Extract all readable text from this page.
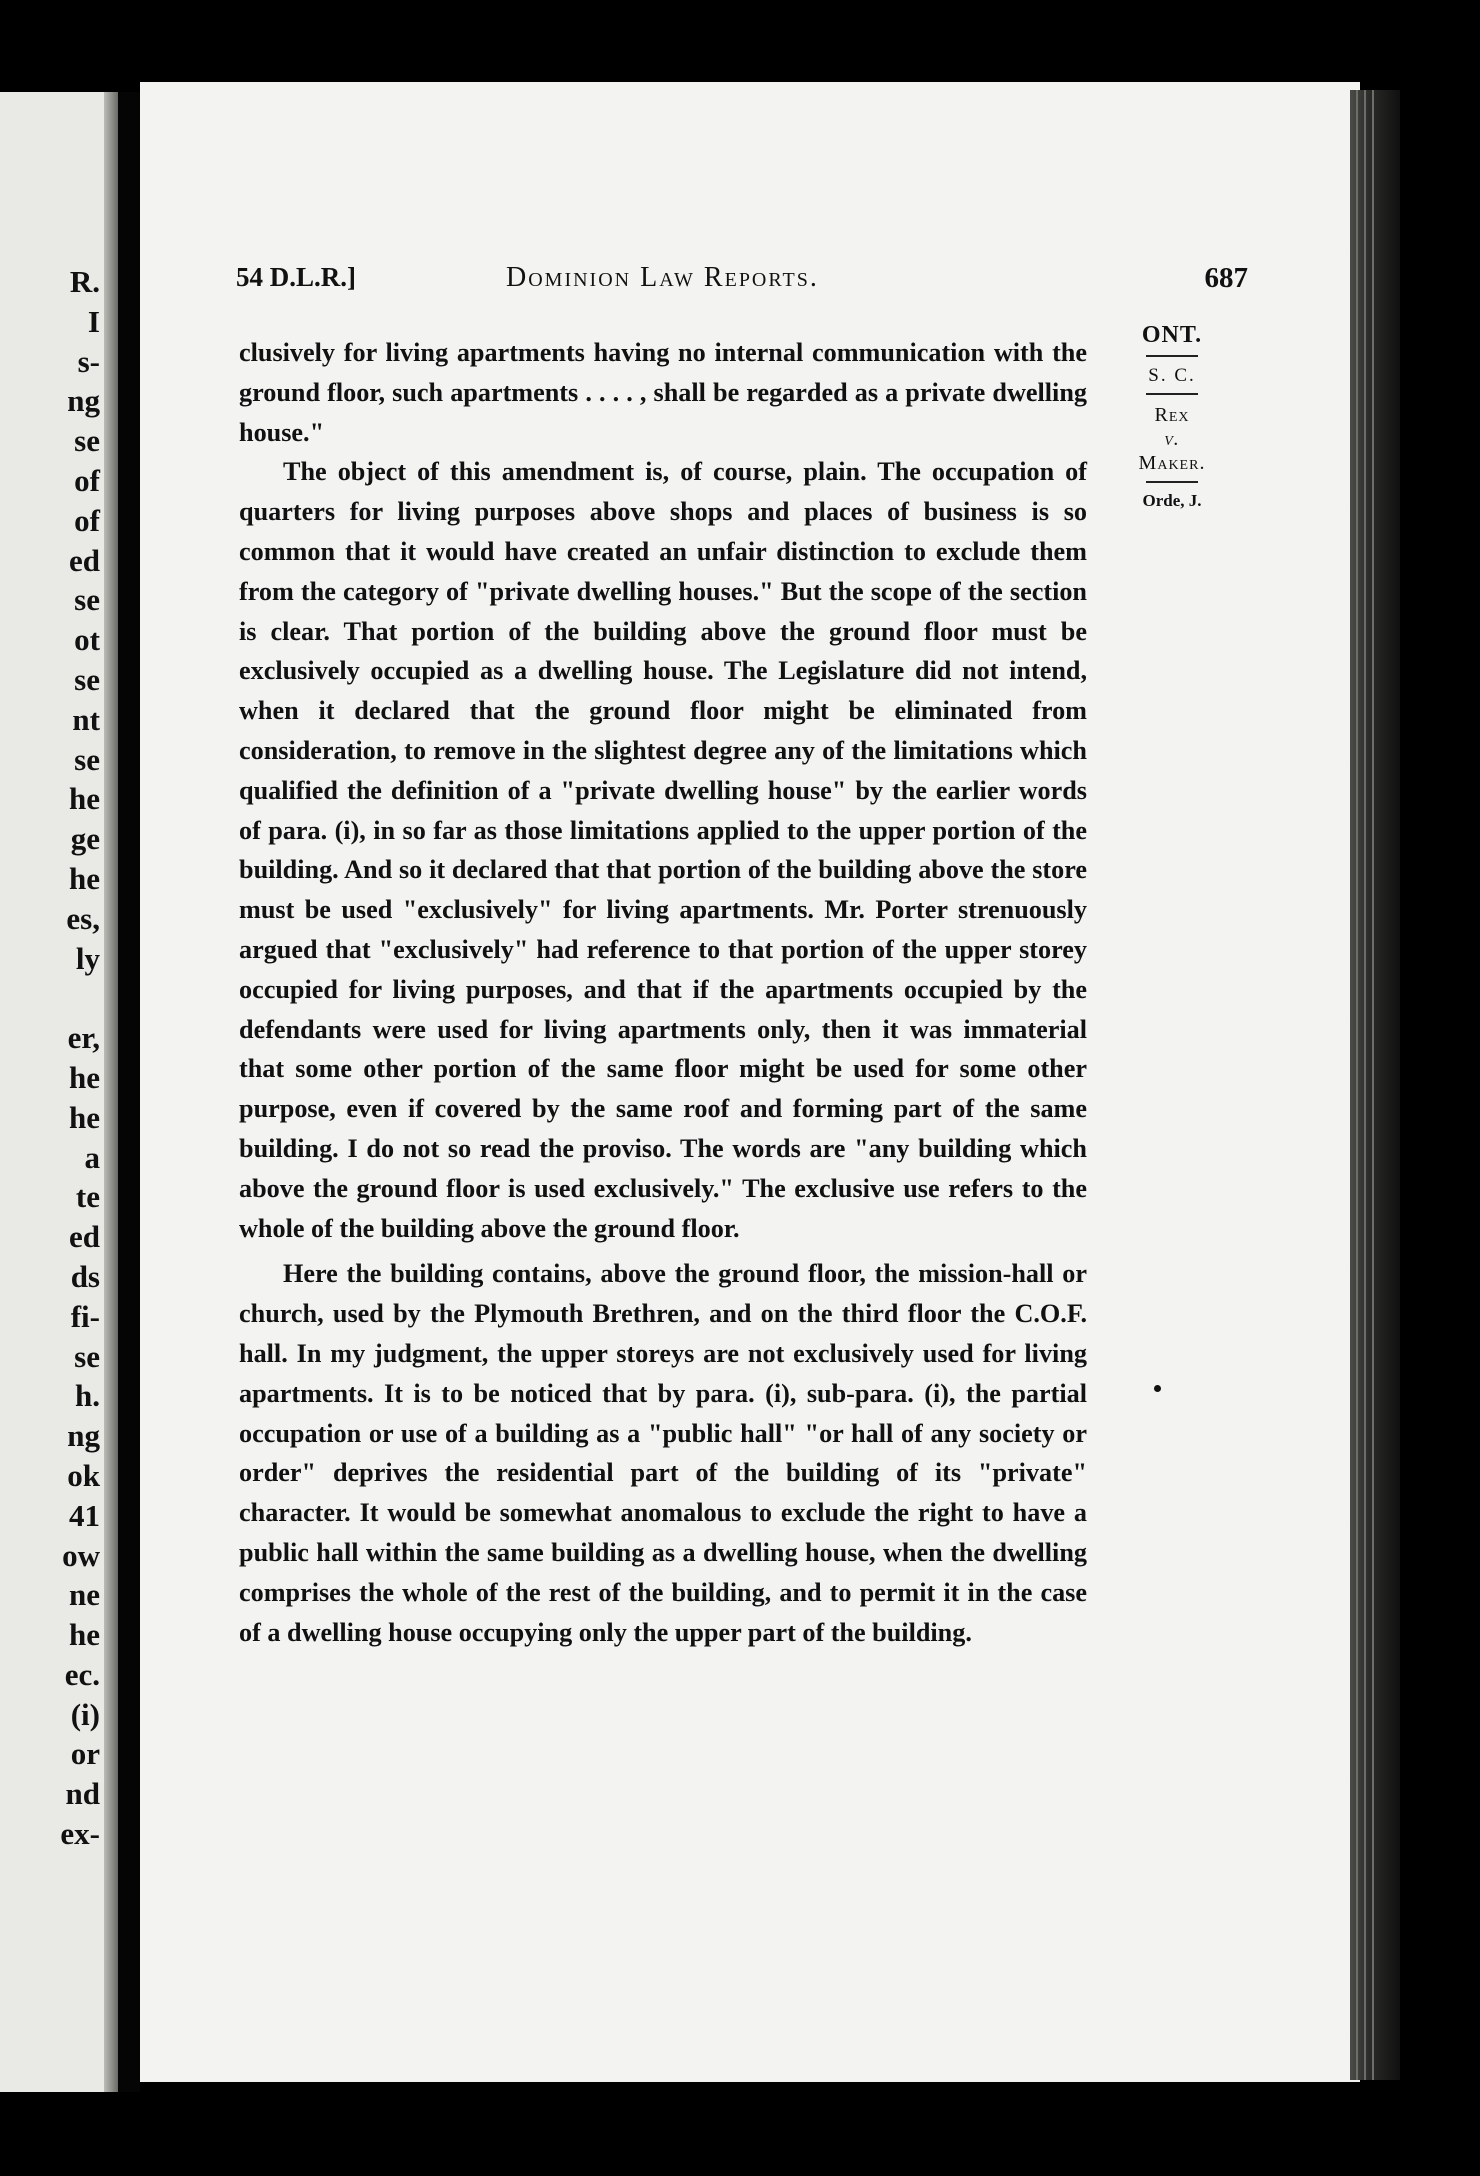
R.
I
s-
ng
se
of
of
ed
se
ot
se
nt
se
he
ge
he
es,
ly
er,
he
he
a
te
ed
ds
fi-
se
h.
ng
ok
41
ow
ne
he
ec.
(i)
or
nd
ex-
54 D.L.R.]	Dominion Law Reports.	687
ONT.
S. C.
Rex
v.
Maker.
Orde, J.

clusively for living apartments having no internal communication with the ground floor, such apartments . . . . , shall be regarded as a private dwelling house."

The object of this amendment is, of course, plain. The occupation of quarters for living purposes above shops and places of business is so common that it would have created an unfair distinction to exclude them from the category of "private dwelling houses." But the scope of the section is clear. That portion of the building above the ground floor must be exclusively occupied as a dwelling house. The Legislature did not intend, when it declared that the ground floor might be eliminated from consideration, to remove in the slightest degree any of the limitations which qualified the definition of a "private dwelling house" by the earlier words of para. (i), in so far as those limitations applied to the upper portion of the building. And so it declared that that portion of the building above the store must be used "exclusively" for living apartments. Mr. Porter strenuously argued that "exclusively" had reference to that portion of the upper storey occupied for living purposes, and that if the apartments occupied by the defendants were used for living apartments only, then it was immaterial that some other portion of the same floor might be used for some other purpose, even if covered by the same roof and forming part of the same building. I do not so read the proviso. The words are "any building which above the ground floor is used exclusively." The exclusive use refers to the whole of the building above the ground floor.

Here the building contains, above the ground floor, the mission-hall or church, used by the Plymouth Brethren, and on the third floor the C.O.F. hall. In my judgment, the upper storeys are not exclusively used for living apartments. It is to be noticed that by para. (i), sub-para. (i), the partial occupation or use of a building as a "public hall" "or hall of any society or order" deprives the residential part of the building of its "private" character. It would be somewhat anomalous to exclude the right to have a public hall within the same building as a dwelling house, when the dwelling comprises the whole of the rest of the building, and to permit it in the case of a dwelling house occupying only the upper part of the building.
